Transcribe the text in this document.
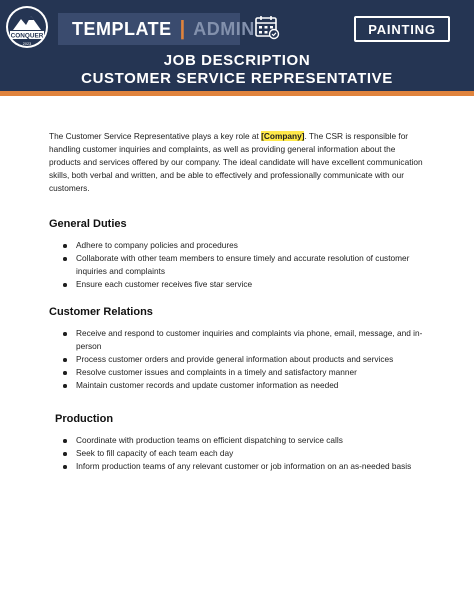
CONQUER
2023
TEMPLATE | ADMIN	PAINTING
JOB DESCRIPTION
CUSTOMER SERVICE REPRESENTATIVE

The Customer Service Representative plays a key role at [Company]. The CSR is responsible for handling customer inquiries and complaints, as well as providing general information about the products and services offered by our company. The ideal candidate will have excellent communication skills, both verbal and written, and be able to effectively and professionally communicate with our customers.

General Duties
Adhere to company policies and procedures
Collaborate with other team members to ensure timely and accurate resolution of customer inquiries and complaints
Ensure each customer receives five star service
Customer Relations
Receive and respond to customer inquiries and complaints via phone, email, message, and in-person
Process customer orders and provide general information about products and services
Resolve customer issues and complaints in a timely and satisfactory manner
Maintain customer records and update customer information as needed
Production
Coordinate with production teams on efficient dispatching to service calls
Seek to fill capacity of each team each day
Inform production teams of any relevant customer or job information on an as-needed basis
